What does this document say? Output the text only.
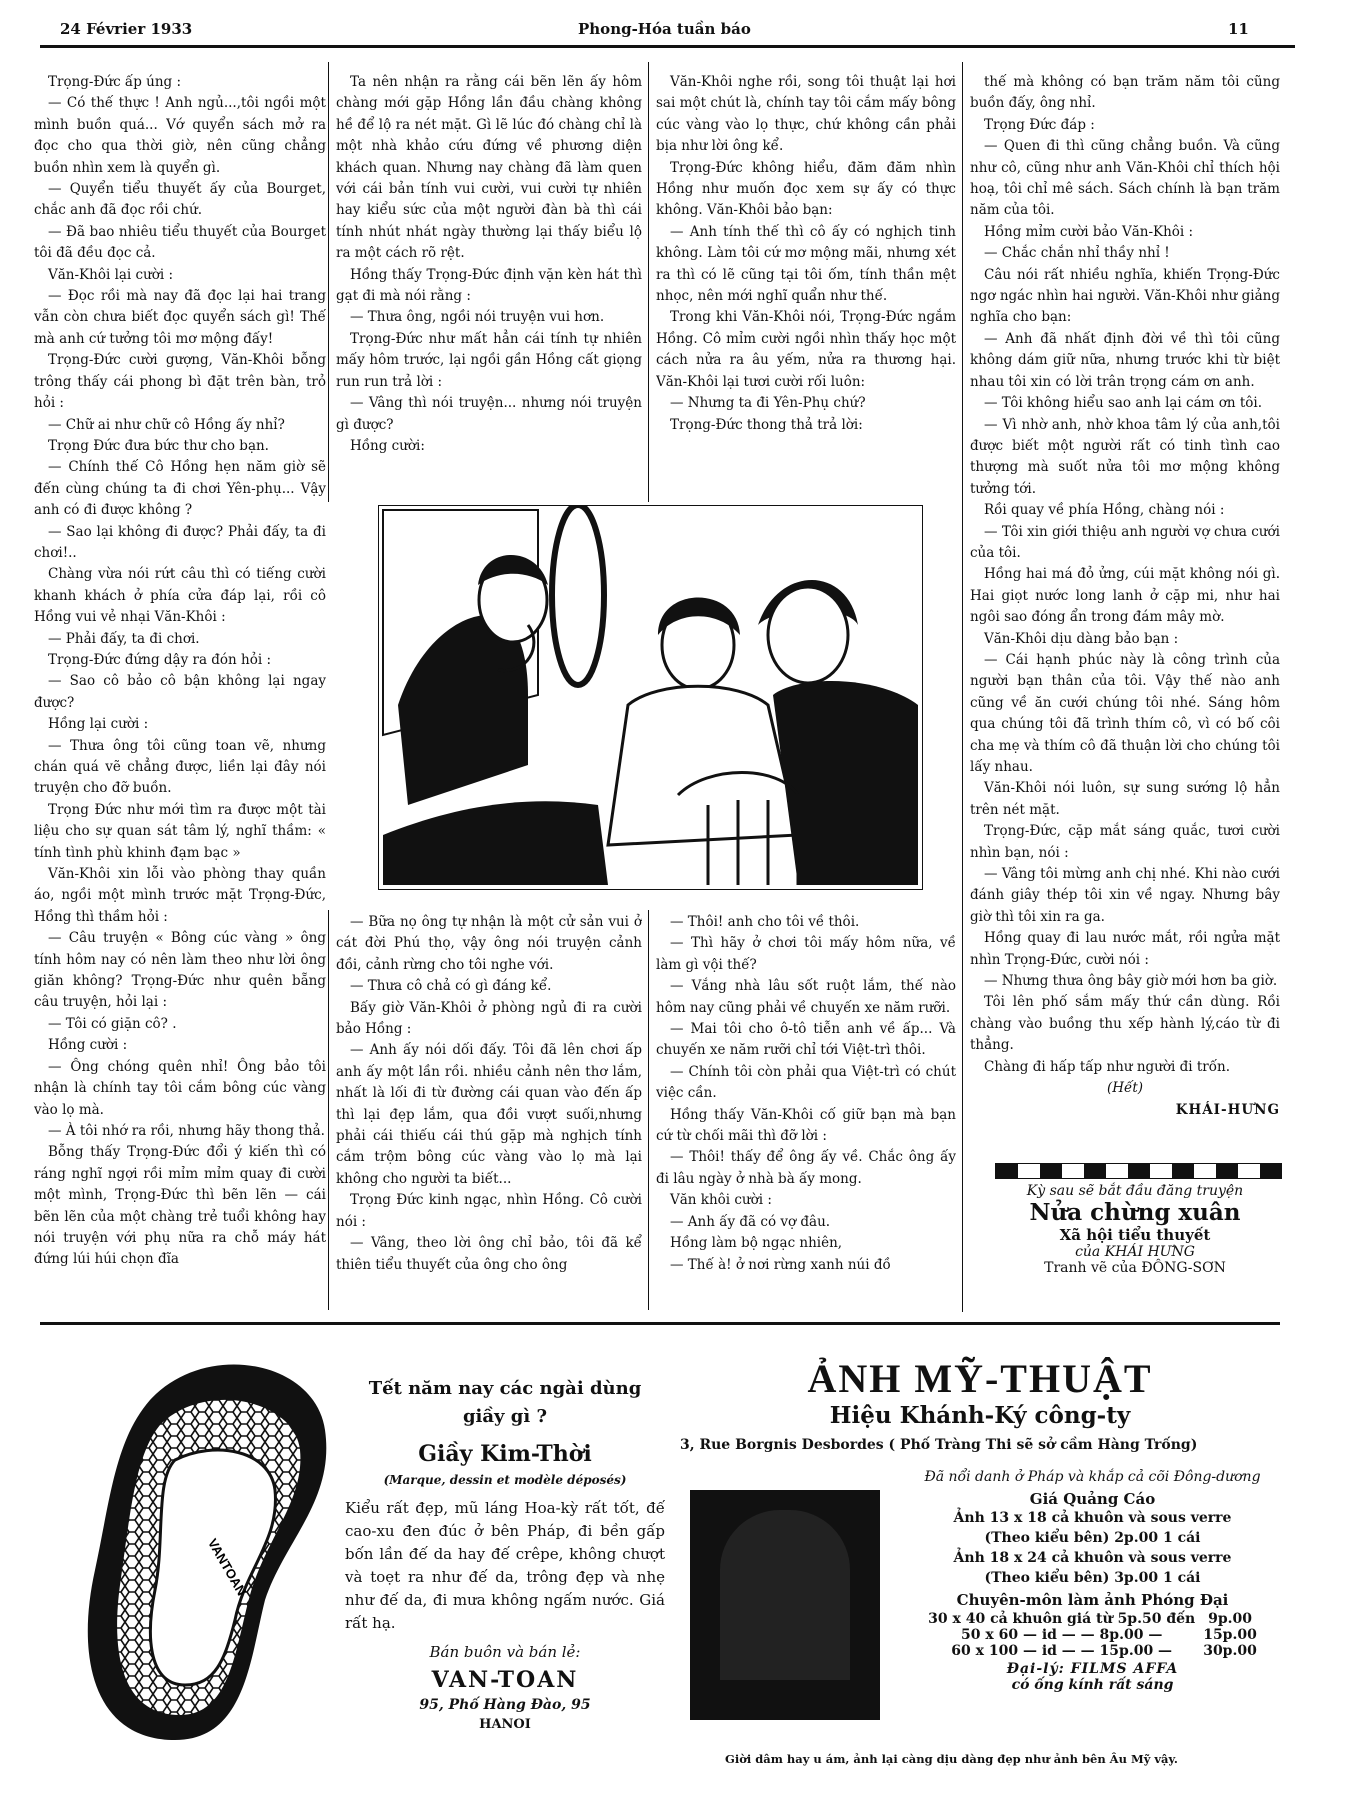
24 Février 1933	Phong-Hóa tuần báo	11

Trọng-Đức ấp úng :

— Có thế thực ! Anh ngủ...,tôi ngồi một mình buồn quá... Vớ quyển sách mở ra đọc cho qua thời giờ, nên cũng chẳng buồn nhìn xem là quyển gì.

— Quyển tiểu thuyết ấy của Bourget, chắc anh đã đọc rồi chứ.

— Đã bao nhiêu tiểu thuyết của Bourget tôi đã đều đọc cả.

Văn-Khôi lại cười :

— Đọc rồi mà nay đã đọc lại hai trang vẫn còn chưa biết đọc quyển sách gì! Thế mà anh cứ tưởng tôi mơ mộng đấy!

Trọng-Đức cười gượng, Văn-Khôi bỗng trông thấy cái phong bì đặt trên bàn, trỏ hỏi :

— Chữ ai như chữ cô Hồng ấy nhỉ?

Trọng Đức đưa bức thư cho bạn.

— Chính thế Cô Hồng hẹn năm giờ sẽ đến cùng chúng ta đi chơi Yên-phụ... Vậy anh có đi được không ?

— Sao lại không đi được? Phải đấy, ta đi chơi!..

Chàng vừa nói rứt câu thì có tiếng cười khanh khách ở phía cửa đáp lại, rồi cô Hồng vui vẻ nhại Văn-Khôi :

— Phải đấy, ta đi chơi.

Trọng-Đức đứng dậy ra đón hỏi :

— Sao cô bảo cô bận không lại ngay được?

Hồng lại cười :

— Thưa ông tôi cũng toan vẽ, nhưng chán quá vẽ chẳng được, liền lại đây nói truyện cho đỡ buồn.

Trọng Đức như mới tìm ra được một tài liệu cho sự quan sát tâm lý, nghĩ thầm: « tính tình phù khinh đạm bạc »

Văn-Khôi xin lỗi vào phòng thay quần áo, ngồi một mình trước mặt Trọng-Đức, Hồng thì thầm hỏi :

— Câu truyện « Bông cúc vàng » ông tính hôm nay có nên làm theo như lời ông giăn không? Trọng-Đức như quên bẵng câu truyện, hỏi lại :

— Tôi có giặn cô? .

Hồng cười :

— Ông chóng quên nhỉ! Ông bảo tôi nhận là chính tay tôi cắm bông cúc vàng vào lọ mà.

— À tôi nhớ ra rồi, nhưng hãy thong thả.

Bỗng thấy Trọng-Đức đổi ý kiến thì có ráng nghĩ ngợi rồi mỉm mỉm quay đi cười một mình, Trọng-Đức thì bẽn lẽn — cái bẽn lẽn của một chàng trẻ tuổi không hay nói truyện với phụ nữa ra chỗ máy hát đứng lúi húi chọn đĩa

Ta nên nhận ra rằng cái bẽn lẽn ấy hôm chàng mới gặp Hồng lần đầu chàng không hề để lộ ra nét mặt. Gì lẽ lúc đó chàng chỉ là một nhà khảo cứu đứng về phương diện khách quan. Nhưng nay chàng đã làm quen với cái bản tính vui cười, vui cười tự nhiên hay kiểu sức của một người đàn bà thì cái tính nhút nhát ngày thường lại thấy biểu lộ ra một cách rõ rệt.

Hồng thấy Trọng-Đức định vặn kèn hát thì gạt đi mà nói rằng :

— Thưa ông, ngồi nói truyện vui hơn.

Trọng-Đức như mất hẳn cái tính tự nhiên mấy hôm trước, lại ngồi gần Hồng cất giọng run run trả lời :

— Vâng thì nói truyện... nhưng nói truyện gì được?

Hồng cười:

Văn-Khôi nghe rồi, song tôi thuật lại hơi sai một chút là, chính tay tôi cắm mấy bông cúc vàng vào lọ thực, chứ không cần phải bịa như lời ông kể.

Trọng-Đức không hiểu, đăm đăm nhìn Hồng như muốn đọc xem sự ấy có thực không. Văn-Khôi bảo bạn:

— Anh tính thế thì cô ấy có nghịch tinh không. Làm tôi cứ mơ mộng mãi, nhưng xét ra thì có lẽ cũng tại tôi ốm, tính thần mệt nhọc, nên mới nghĩ quẩn như thế.

Trong khi Văn-Khôi nói, Trọng-Đức ngắm Hồng. Cô mỉm cười ngồi nhìn thấy học một cách nửa ra âu yếm, nửa ra thương hại. Văn-Khôi lại tươi cười rối luôn:

— Nhưng ta đi Yên-Phụ chứ?

Trọng-Đức thong thả trả lời:

— Bữa nọ ông tự nhận là một cử sản vui ở cát đời Phú thọ, vậy ông nói truyện cảnh đồi, cảnh rừng cho tôi nghe với.

— Thưa cô chả có gì đáng kể.

Bấy giờ Văn-Khôi ở phòng ngủ đi ra cười bảo Hồng :

— Anh ấy nói dối đấy. Tôi đã lên chơi ấp anh ấy một lần rồi. nhiều cảnh nên thơ lắm, nhất là lối đi từ đường cái quan vào đến ấp thì lại đẹp lắm, qua đồi vượt suối,nhưng phải cái thiếu cái thú gặp mà nghịch tính cắm trộm bông cúc vàng vào lọ mà lại không cho người ta biết...

Trọng Đức kinh ngạc, nhìn Hồng. Cô cười nói :

— Vâng, theo lời ông chỉ bảo, tôi đã kể thiên tiểu thuyết của ông cho ông

— Thôi! anh cho tôi về thôi.

— Thì hãy ở chơi tôi mấy hôm nữa, về làm gì vội thế?

— Vắng nhà lâu sốt ruột lắm, thế nào hôm nay cũng phải về chuyến xe năm rưỡi.

— Mai tôi cho ô-tô tiễn anh về ấp... Và chuyến xe năm rưỡi chỉ tới Việt-trì thôi.

— Chính tôi còn phải qua Việt-trì có chút việc cần.

Hồng thấy Văn-Khôi cố giữ bạn mà bạn cứ từ chối mãi thì đỡ lời :

— Thôi! thấy để ông ấy về. Chắc ông ấy đi lâu ngày ở nhà bà ấy mong.

Văn khôi cười :

— Anh ấy đã có vợ đâu.

Hồng làm bộ ngạc nhiên,

— Thế à! ở nơi rừng xanh núi đồ

thế mà không có bạn trăm năm tôi cũng buồn đấy, ông nhỉ.

Trọng Đức đáp :

— Quen đi thì cũng chẳng buồn. Và cũng như cô, cũng như anh Văn-Khôi chỉ thích hội hoạ, tôi chỉ mê sách. Sách chính là bạn trăm năm của tôi.

Hồng mỉm cười bảo Văn-Khôi :

— Chắc chắn nhỉ thầy nhỉ !

Câu nói rất nhiều nghĩa, khiến Trọng-Đức ngơ ngác nhìn hai người. Văn-Khôi như giảng nghĩa cho bạn:

— Anh đã nhất định đời về thì tôi cũng không dám giữ nữa, nhưng trước khi từ biệt nhau tôi xin có lời trân trọng cám ơn anh.

— Tôi không hiểu sao anh lại cám ơn tôi.

— Vì nhờ anh, nhờ khoa tâm lý của anh,tôi được biết một người rất có tinh tình cao thượng mà suốt nửa tôi mơ mộng không tưởng tới.

Rồi quay về phía Hồng, chàng nói :

— Tôi xin giới thiệu anh người vợ chưa cưới của tôi.

Hồng hai má đỏ ửng, cúi mặt không nói gì. Hai giọt nước long lanh ở cặp mi, như hai ngôi sao đóng ẩn trong đám mây mờ.

Văn-Khôi dịu dàng bảo bạn :

— Cái hạnh phúc này là công trình của người bạn thân của tôi. Vậy thế nào anh cũng về ăn cưới chúng tôi nhé. Sáng hôm qua chúng tôi đã trình thím cô, vì có bố côi cha mẹ và thím cô đã thuận lời cho chúng tôi lấy nhau.

Văn-Khôi nói luôn, sự sung sướng lộ hẳn trên nét mặt.

Trọng-Đức, cặp mắt sáng quắc, tươi cười nhìn bạn, nói :

— Vâng tôi mừng anh chị nhé. Khi nào cưới đánh giây thép tôi xin về ngay. Nhưng bây giờ thì tôi xin ra ga.

Hồng quay đi lau nước mắt, rồi ngửa mặt nhìn Trọng-Đức, cười nói :

— Nhưng thưa ông bây giờ mới hơn ba giờ.

Tôi lên phố sắm mấy thứ cần dùng. Rồi chàng vào buồng thu xếp hành lý,cáo từ đi thẳng.

Chàng đi hấp tấp như người đi trốn.

(Hết)

KHÁI-HƯNG

Kỳ sau sẽ bắt đầu đăng truyện
Nửa chừng xuân
Xã hội tiểu thuyết
của KHÁI HƯNG
Tranh vẽ của ĐÔNG-SƠN
VANTOAN
Tết năm nay các ngài dùng giầy gì ?
Giầy Kim-Thời
(Marque, dessin et modèle déposés)
Kiểu rất đẹp, mũ láng Hoa-kỳ rất tốt, đế cao-xu đen đúc ở bên Pháp, đi bền gấp bốn lần đế da hay đế crêpe, không chượt và toẹt ra như đế da, trông đẹp và nhẹ như đế da, đi mưa không ngấm nước. Giá rất hạ.
Bán buôn và bán lẻ:
VAN-TOAN
95, Phố Hàng Đào, 95
HANOI
ẢNH MỸ-THUẬT
Hiệu Khánh-Ký công-ty
3, Rue Borgnis Desbordes ( Phố Tràng Thi sẽ sở cầm Hàng Trống)
Đã nổi danh ở Pháp và khắp cả cõi Đông-dương
Giá Quảng Cáo
Ảnh 13 x 18 cả khuôn và sous verre
(Theo kiểu bên) 2p.00 1 cái
Ảnh 18 x 24 cả khuôn và sous verre
(Theo kiểu bên) 3p.00 1 cái
Chuyên-môn làm ảnh Phóng Đại
30 x 40 cả khuôn giá từ 5p.50 đến	9p.00
50 x 60 — id — — 8p.00 —	15p.00
60 x 100 — id — — 15p.00 —	30p.00
Đại-lý: FILMS AFFA
có ống kính rất sáng
Giời dâm hay u ám, ảnh lại càng dịu dàng đẹp như ảnh bên Âu Mỹ vậy.
